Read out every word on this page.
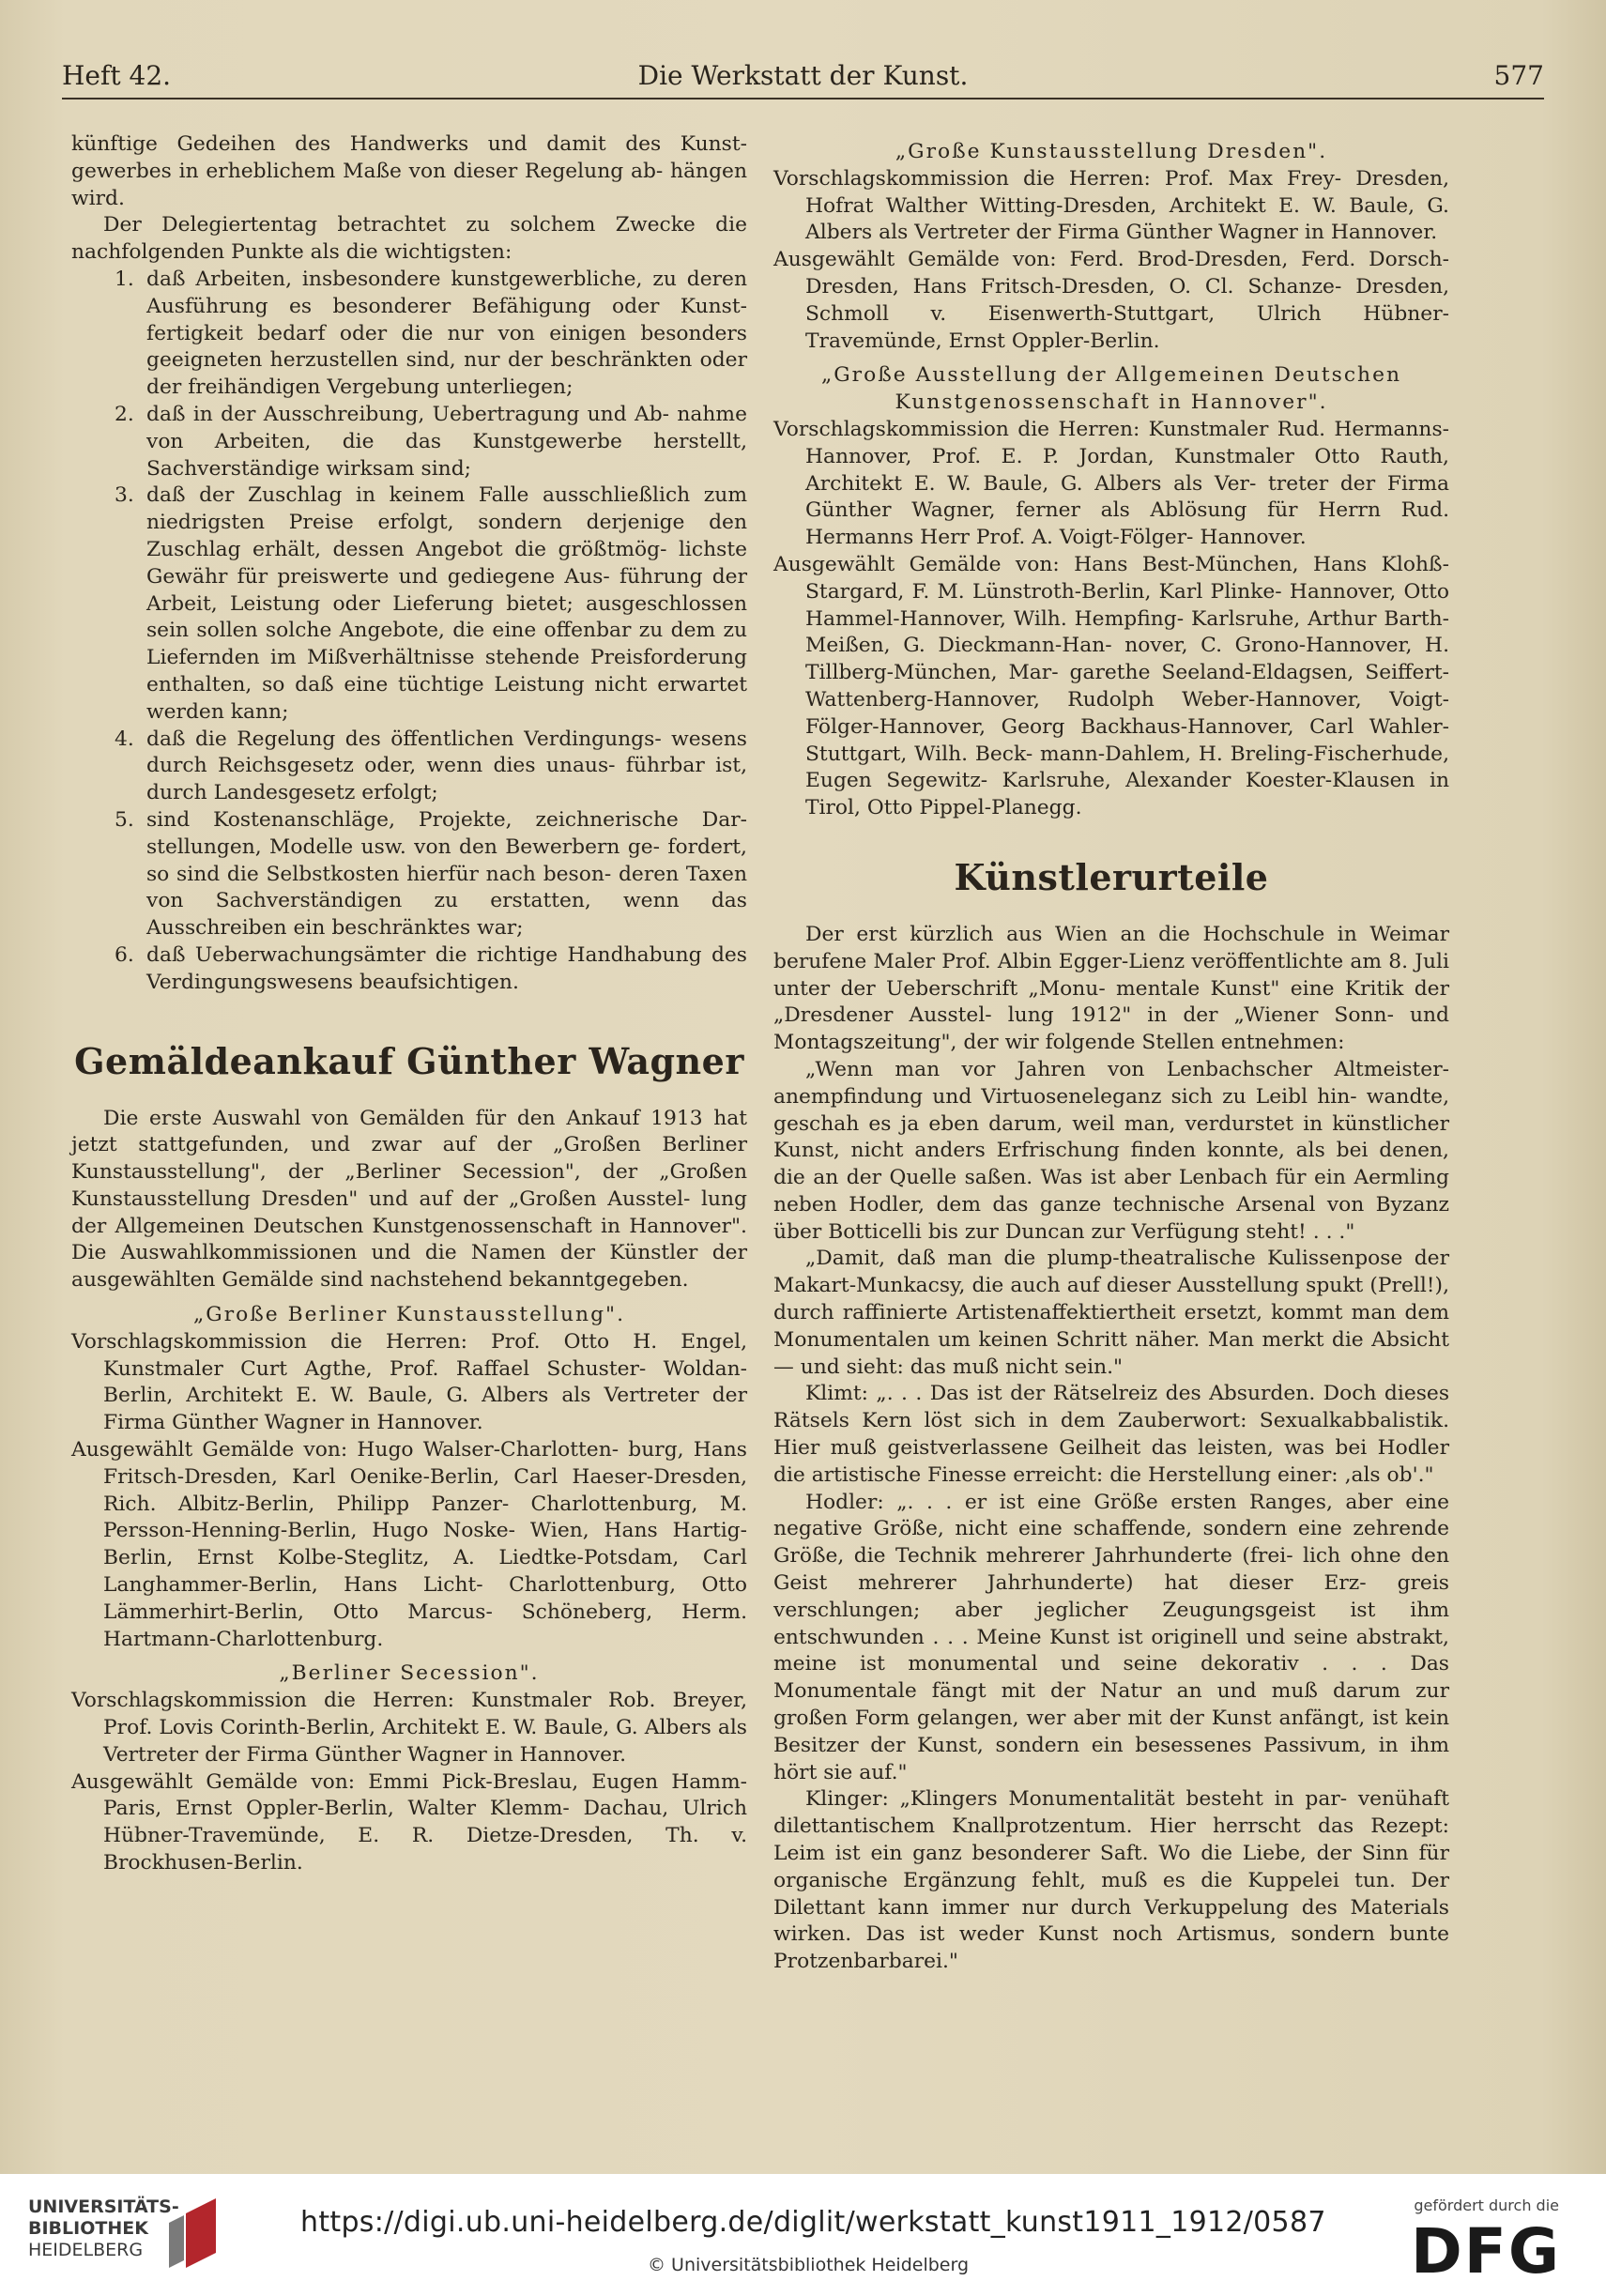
Heft 42.	Die Werkstatt der Kunst.	577

künftige Gedeihen des Handwerks und damit des Kunst- gewerbes in erheblichem Maße von dieser Regelung ab- hängen wird.

Der Delegiertentag betrachtet zu solchem Zwecke die nachfolgenden Punkte als die wichtigsten:

1. daß Arbeiten, insbesondere kunstgewerbliche, zu deren Ausführung es besonderer Befähigung oder Kunst- fertigkeit bedarf oder die nur von einigen besonders geeigneten herzustellen sind, nur der beschränkten oder der freihändigen Vergebung unterliegen;
2. daß in der Ausschreibung, Uebertragung und Ab- nahme von Arbeiten, die das Kunstgewerbe herstellt, Sachverständige wirksam sind;
3. daß der Zuschlag in keinem Falle ausschließlich zum niedrigsten Preise erfolgt, sondern derjenige den Zuschlag erhält, dessen Angebot die größtmög- lichste Gewähr für preiswerte und gediegene Aus- führung der Arbeit, Leistung oder Lieferung bietet; ausgeschlossen sein sollen solche Angebote, die eine offenbar zu dem zu Liefernden im Mißverhältnisse stehende Preisforderung enthalten, so daß eine tüchtige Leistung nicht erwartet werden kann;
4. daß die Regelung des öffentlichen Verdingungs- wesens durch Reichsgesetz oder, wenn dies unaus- führbar ist, durch Landesgesetz erfolgt;
5. sind Kostenanschläge, Projekte, zeichnerische Dar- stellungen, Modelle usw. von den Bewerbern ge- fordert, so sind die Selbstkosten hierfür nach beson- deren Taxen von Sachverständigen zu erstatten, wenn das Ausschreiben ein beschränktes war;
6. daß Ueberwachungsämter die richtige Handhabung des Verdingungswesens beaufsichtigen.
Gemäldeankauf Günther Wagner

Die erste Auswahl von Gemälden für den Ankauf 1913 hat jetzt stattgefunden, und zwar auf der „Großen Berliner Kunstausstellung", der „Berliner Secession", der „Großen Kunstausstellung Dresden" und auf der „Großen Ausstel- lung der Allgemeinen Deutschen Kunstgenossenschaft in Hannover". Die Auswahlkommissionen und die Namen der Künstler der ausgewählten Gemälde sind nachstehend bekanntgegeben.

„Große Berliner Kunstausstellung".

Vorschlagskommission die Herren: Prof. Otto H. Engel, Kunstmaler Curt Agthe, Prof. Raffael Schuster- Woldan-Berlin, Architekt E. W. Baule, G. Albers als Vertreter der Firma Günther Wagner in Hannover.

Ausgewählt Gemälde von: Hugo Walser-Charlotten- burg, Hans Fritsch-Dresden, Karl Oenike-Berlin, Carl Haeser-Dresden, Rich. Albitz-Berlin, Philipp Panzer- Charlottenburg, M. Persson-Henning-Berlin, Hugo Noske- Wien, Hans Hartig-Berlin, Ernst Kolbe-Steglitz, A. Liedtke-Potsdam, Carl Langhammer-Berlin, Hans Licht- Charlottenburg, Otto Lämmerhirt-Berlin, Otto Marcus- Schöneberg, Herm. Hartmann-Charlottenburg.

„Berliner Secession".

Vorschlagskommission die Herren: Kunstmaler Rob. Breyer, Prof. Lovis Corinth-Berlin, Architekt E. W. Baule, G. Albers als Vertreter der Firma Günther Wagner in Hannover.

Ausgewählt Gemälde von: Emmi Pick-Breslau, Eugen Hamm-Paris, Ernst Oppler-Berlin, Walter Klemm- Dachau, Ulrich Hübner-Travemünde, E. R. Dietze-Dresden, Th. v. Brockhusen-Berlin.

„Große Kunstausstellung Dresden".

Vorschlagskommission die Herren: Prof. Max Frey- Dresden, Hofrat Walther Witting-Dresden, Architekt E. W. Baule, G. Albers als Vertreter der Firma Günther Wagner in Hannover.

Ausgewählt Gemälde von: Ferd. Brod-Dresden, Ferd. Dorsch-Dresden, Hans Fritsch-Dresden, O. Cl. Schanze- Dresden, Schmoll v. Eisenwerth-Stuttgart, Ulrich Hübner- Travemünde, Ernst Oppler-Berlin.

„Große Ausstellung der Allgemeinen Deutschen Kunstgenossenschaft in Hannover".

Vorschlagskommission die Herren: Kunstmaler Rud. Hermanns-Hannover, Prof. E. P. Jordan, Kunstmaler Otto Rauth, Architekt E. W. Baule, G. Albers als Ver- treter der Firma Günther Wagner, ferner als Ablösung für Herrn Rud. Hermanns Herr Prof. A. Voigt-Fölger- Hannover.

Ausgewählt Gemälde von: Hans Best-München, Hans Klohß-Stargard, F. M. Lünstroth-Berlin, Karl Plinke- Hannover, Otto Hammel-Hannover, Wilh. Hempfing- Karlsruhe, Arthur Barth-Meißen, G. Dieckmann-Han- nover, C. Grono-Hannover, H. Tillberg-München, Mar- garethe Seeland-Eldagsen, Seiffert-Wattenberg-Hannover, Rudolph Weber-Hannover, Voigt-Fölger-Hannover, Georg Backhaus-Hannover, Carl Wahler-Stuttgart, Wilh. Beck- mann-Dahlem, H. Breling-Fischerhude, Eugen Segewitz- Karlsruhe, Alexander Koester-Klausen in Tirol, Otto Pippel-Planegg.

Künstlerurteile

Der erst kürzlich aus Wien an die Hochschule in Weimar berufene Maler Prof. Albin Egger-Lienz veröffentlichte am 8. Juli unter der Ueberschrift „Monu- mentale Kunst" eine Kritik der „Dresdener Ausstel- lung 1912" in der „Wiener Sonn- und Montagszeitung", der wir folgende Stellen entnehmen:

„Wenn man vor Jahren von Lenbachscher Altmeister- anempfindung und Virtuoseneleganz sich zu Leibl hin- wandte, geschah es ja eben darum, weil man, verdurstet in künstlicher Kunst, nicht anders Erfrischung finden konnte, als bei denen, die an der Quelle saßen. Was ist aber Lenbach für ein Aermling neben Hodler, dem das ganze technische Arsenal von Byzanz über Botticelli bis zur Duncan zur Verfügung steht! . . ."

„Damit, daß man die plump-theatralische Kulissenpose der Makart-Munkacsy, die auch auf dieser Ausstellung spukt (Prell!), durch raffinierte Artistenaffektiertheit ersetzt, kommt man dem Monumentalen um keinen Schritt näher. Man merkt die Absicht — und sieht: das muß nicht sein."

Klimt: „. . . Das ist der Rätselreiz des Absurden. Doch dieses Rätsels Kern löst sich in dem Zauberwort: Sexualkabbalistik. Hier muß geistverlassene Geilheit das leisten, was bei Hodler die artistische Finesse erreicht: die Herstellung einer: ‚als ob'."

Hodler: „. . . er ist eine Größe ersten Ranges, aber eine negative Größe, nicht eine schaffende, sondern eine zehrende Größe, die Technik mehrerer Jahrhunderte (frei- lich ohne den Geist mehrerer Jahrhunderte) hat dieser Erz- greis verschlungen; aber jeglicher Zeugungsgeist ist ihm entschwunden . . . Meine Kunst ist originell und seine abstrakt, meine ist monumental und seine dekorativ . . . Das Monumentale fängt mit der Natur an und muß darum zur großen Form gelangen, wer aber mit der Kunst anfängt, ist kein Besitzer der Kunst, sondern ein besessenes Passivum, in ihm hört sie auf."

Klinger: „Klingers Monumentalität besteht in par- venühaft dilettantischem Knallprotzentum. Hier herrscht das Rezept: Leim ist ein ganz besonderer Saft. Wo die Liebe, der Sinn für organische Ergänzung fehlt, muß es die Kuppelei tun. Der Dilettant kann immer nur durch Verkuppelung des Materials wirken. Das ist weder Kunst noch Artismus, sondern bunte Protzenbarbarei."

UNIVERSITÄTS-
BIBLIOTHEK
HEIDELBERG
https://digi.ub.uni-heidelberg.de/diglit/werkstatt_kunst1911_1912/0587
© Universitätsbibliothek Heidelberg
gefördert durch die
DFG
